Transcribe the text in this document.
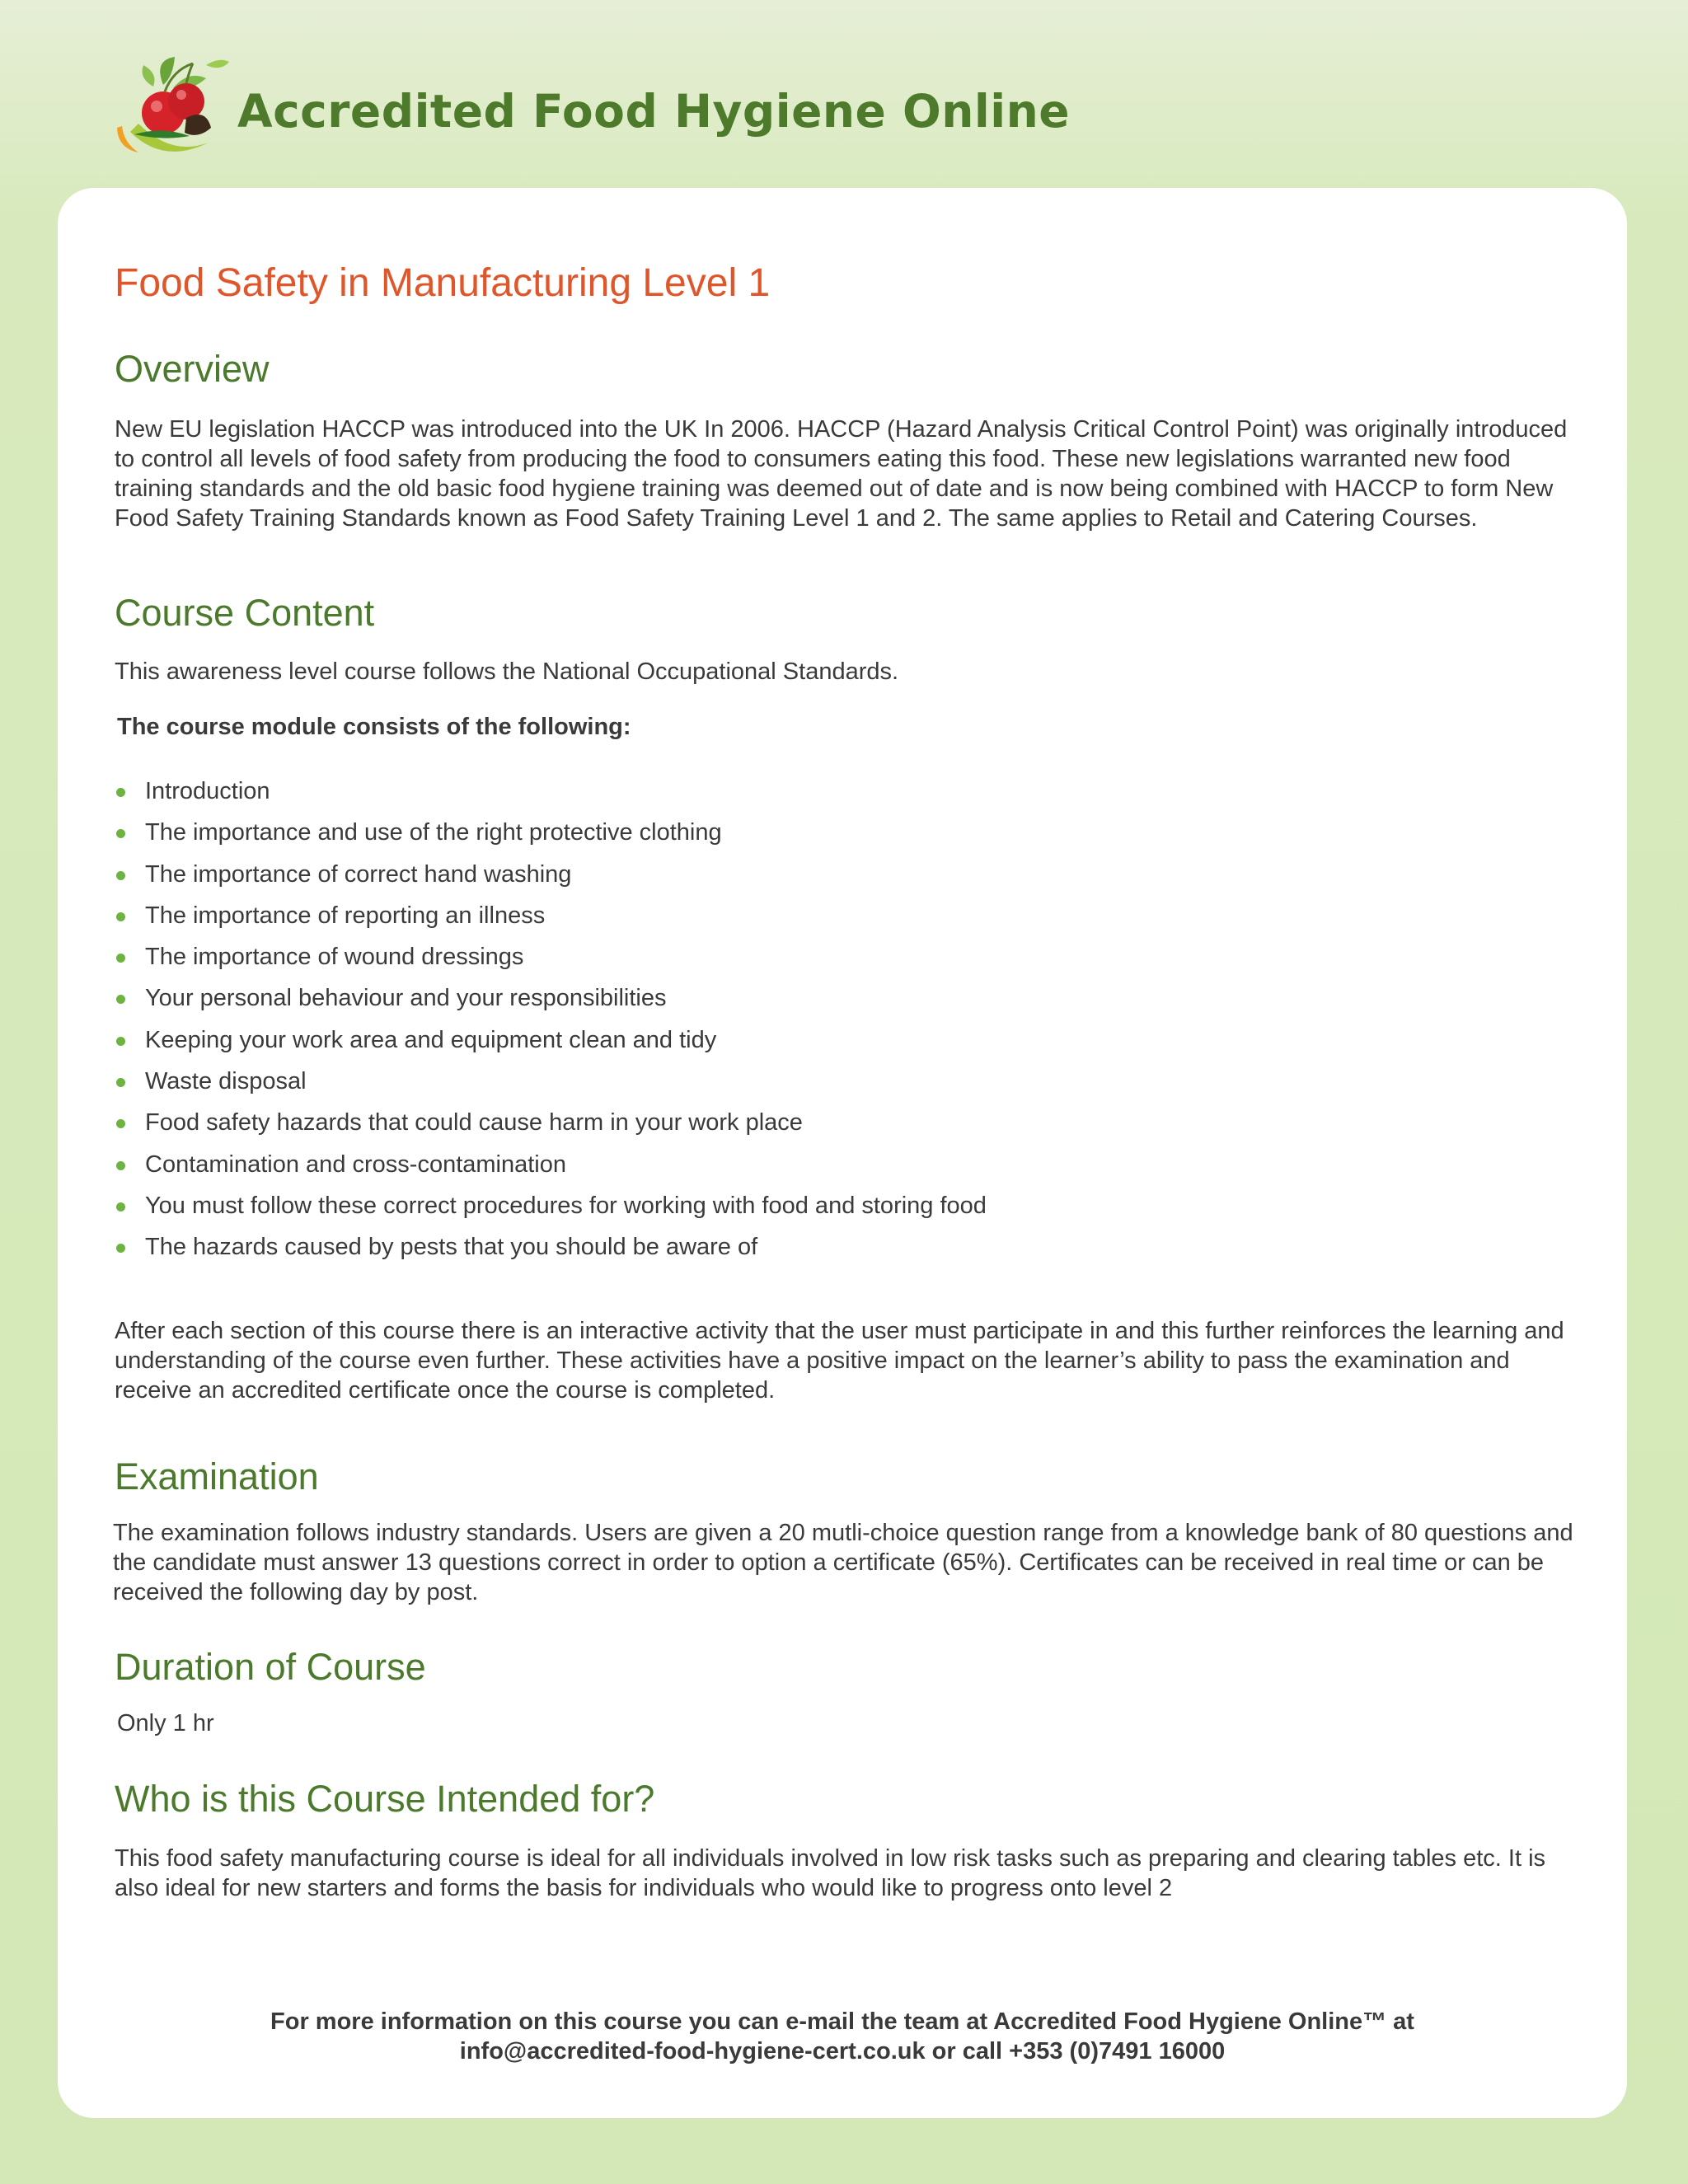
Accredited Food Hygiene Online
Food Safety in Manufacturing Level 1
Overview

New EU legislation HACCP was introduced into the UK In 2006. HACCP (Hazard Analysis Critical Control Point) was originally introduced to control all levels of food safety from producing the food to consumers eating this food. These new legislations warranted new food training standards and the old basic food hygiene training was deemed out of date and is now being combined with HACCP to form New Food Safety Training Standards known as Food Safety Training Level 1 and 2. The same applies to Retail and Catering Courses.

Course Content

This awareness level course follows the National Occupational Standards.

The course module consists of the following:

Introduction
The importance and use of the right protective clothing
The importance of correct hand washing
The importance of reporting an illness
The importance of wound dressings
Your personal behaviour and your responsibilities
Keeping your work area and equipment clean and tidy
Waste disposal
Food safety hazards that could cause harm in your work place
Contamination and cross-contamination
You must follow these correct procedures for working with food and storing food
The hazards caused by pests that you should be aware of

After each section of this course there is an interactive activity that the user must participate in and this further reinforces the learning and understanding of the course even further. These activities have a positive impact on the learner’s ability to pass the examination and receive an accredited certificate once the course is completed.

Examination

The examination follows industry standards. Users are given a 20 mutli-choice question range from a knowledge bank of 80 questions and the candidate must answer 13 questions correct in order to option a certificate (65%). Certificates can be received in real time or can be received the following day by post.

Duration of Course

Only 1 hr

Who is this Course Intended for?

This food safety manufacturing course is ideal for all individuals involved in low risk tasks such as preparing and clearing tables etc. It is also ideal for new starters and forms the basis for individuals who would like to progress onto level 2

For more information on this course you can e-mail the team at Accredited Food Hygiene Online™ at
info@accredited-food-hygiene-cert.co.uk or call +353 (0)7491 16000
